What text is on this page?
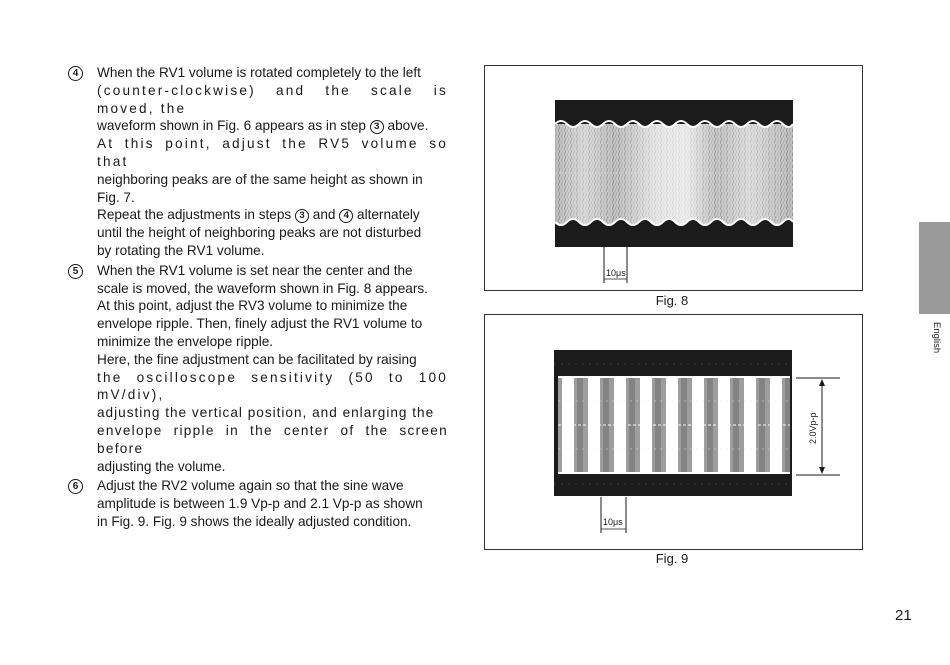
4	When the RV1 volume is rotated completely to the left
(counter-clockwise) and the scale is moved, the
waveform shown in Fig. 6 appears as in step 3 above.
At this point, adjust the RV5 volume so that
neighboring peaks are of the same height as shown in
Fig. 7.

Repeat the adjustments in steps 3 and 4 alternately
until the height of neighboring peaks are not disturbed
by rotating the RV1 volume.

5	When the RV1 volume is set near the center and the
scale is moved, the waveform shown in Fig. 8 appears.
At this point, adjust the RV3 volume to minimize the
envelope ripple. Then, finely adjust the RV1 volume to
minimize the envelope ripple.

Here, the fine adjustment can be facilitated by raising
the oscilloscope sensitivity (50 to 100 mV/div),
adjusting the vertical position, and enlarging the
envelope ripple in the center of the screen before
adjusting the volume.

6	Adjust the RV2 volume again so that the sine wave
amplitude is between 1.9 Vp-p and 2.1 Vp-p as shown
in Fig. 9. Fig. 9 shows the ideally adjusted condition.

10μs
2.0Vp-p
10μs
Fig. 8
Fig. 9
English
21
